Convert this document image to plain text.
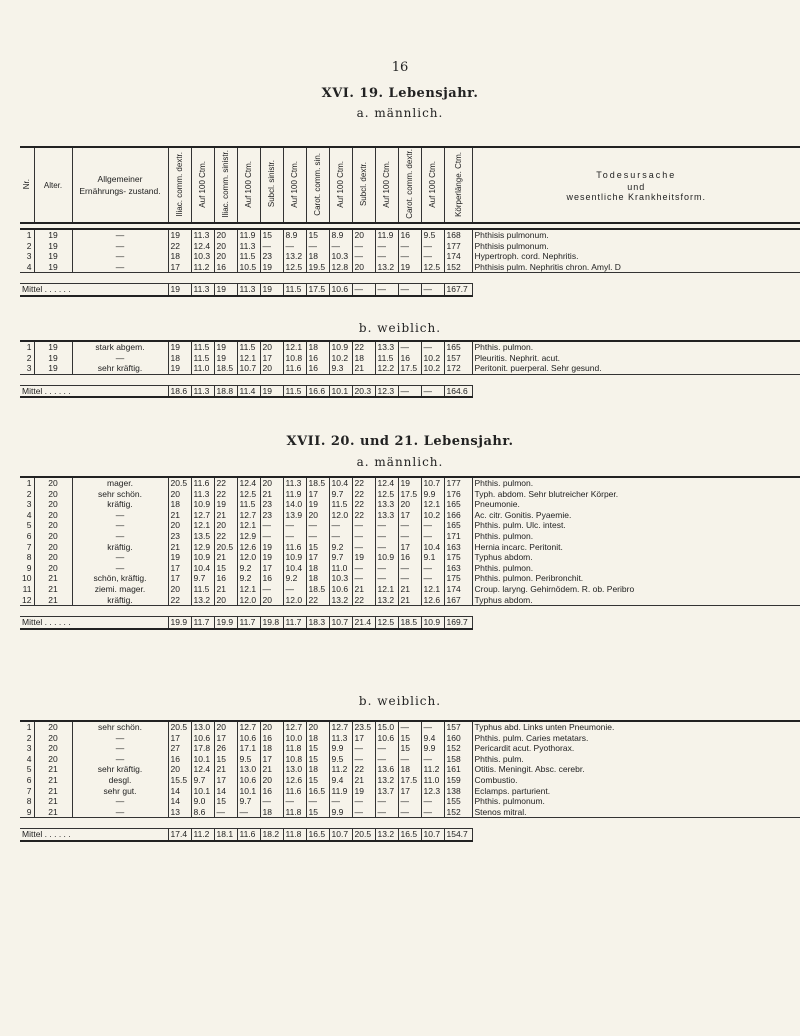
16
XVI. 19. Lebensjahr.
a. männlich.
Nr.	Alter.	Allgemeiner Ernährungs- zustand.	Iliac. comm. dextr.	Auf 100 Ctm.	Iliac. comm. sinistr.	Auf 100 Ctm.	Subcl. sinistr.	Auf 100 Ctm.	Carot. comm. sin.	Auf 100 Ctm.	Subcl. dextr.	Auf 100 Ctm.	Carot. comm. dextr.	Auf 100 Ctm.	Körperlänge. Ctm.	Todesursache
und
wesentliche Krankheitsform.
1	19	—	19	11.3	20	11.9	15	8.9	15	8.9	20	11.9	16	9.5	168	Phthisis pulmonum.
2	19	—	22	12.4	20	11.3	—	—	—	—	—	—	—	—	177	Phthisis pulmonum.
3	19	—	18	10.3	20	11.5	23	13.2	18	10.3	—	—	—	—	174	Hypertroph. cord. Nephritis.
4	19	—	17	11.2	16	10.5	19	12.5	19.5	12.8	20	13.2	19	12.5	152	Phthisis pulm. Nephritis chron. Amyl. D

Mittel . . . . . .			19	11.3	19	11.3	19	11.5	17.5	10.6	—	—	—	—	167.7	
b. weiblich.
1	19	stark abgem.	19	11.5	19	11.5	20	12.1	18	10.9	22	13.3	—	—	165	Phthis. pulmon.
2	19	—	18	11.5	19	12.1	17	10.8	16	10.2	18	11.5	16	10.2	157	Pleuritis. Nephrit. acut.
3	19	sehr kräftig.	19	11.0	18.5	10.7	20	11.6	16	9.3	21	12.2	17.5	10.2	172	Peritonit. puerperal. Sehr gesund.

Mittel . . . . . .			18.6	11.3	18.8	11.4	19	11.5	16.6	10.1	20.3	12.3	—	—	164.6	
XVII. 20. und 21. Lebensjahr.
a. männlich.
1	20	mager.	20.5	11.6	22	12.4	20	11.3	18.5	10.4	22	12.4	19	10.7	177	Phthis. pulmon.
2	20	sehr schön.	20	11.3	22	12.5	21	11.9	17	9.7	22	12.5	17.5	9.9	176	Typh. abdom. Sehr blutreicher Körper.
3	20	kräftig.	18	10.9	19	11.5	23	14.0	19	11.5	22	13.3	20	12.1	165	Pneumonie.
4	20	—	21	12.7	21	12.7	23	13.9	20	12.0	22	13.3	17	10.2	166	Ac. citr. Gonitis. Pyaemie.
5	20	—	20	12.1	20	12.1	—	—	—	—	—	—	—	—	165	Phthis. pulm. Ulc. intest.
6	20	—	23	13.5	22	12.9	—	—	—	—	—	—	—	—	171	Phthis. pulmon.
7	20	kräftig.	21	12.9	20.5	12.6	19	11.6	15	9.2	—	—	17	10.4	163	Hernia incarc. Peritonit.
8	20	—	19	10.9	21	12.0	19	10.9	17	9.7	19	10.9	16	9.1	175	Typhus abdom.
9	20	—	17	10.4	15	9.2	17	10.4	18	11.0	—	—	—	—	163	Phthis. pulmon.
10	21	schön, kräftig.	17	9.7	16	9.2	16	9.2	18	10.3	—	—	—	—	175	Phthis. pulmon. Peribronchit.
11	21	ziemi. mager.	20	11.5	21	12.1	—	—	18.5	10.6	21	12.1	21	12.1	174	Croup. laryng. Gehirnödem. R. ob. Peribro
12	21	kräftig.	22	13.2	20	12.0	20	12.0	22	13.2	22	13.2	21	12.6	167	Typhus abdom.

Mittel . . . . . .			19.9	11.7	19.9	11.7	19.8	11.7	18.3	10.7	21.4	12.5	18.5	10.9	169.7	
b. weiblich.
1	20	sehr schön.	20.5	13.0	20	12.7	20	12.7	20	12.7	23.5	15.0	—	—	157	Typhus abd. Links unten Pneumonie.
2	20	—	17	10.6	17	10.6	16	10.0	18	11.3	17	10.6	15	9.4	160	Phthis. pulm. Caries metatars.
3	20	—	27	17.8	26	17.1	18	11.8	15	9.9	—	—	15	9.9	152	Pericardit acut. Pyothorax.
4	20	—	16	10.1	15	9.5	17	10.8	15	9.5	—	—	—	—	158	Phthis. pulm.
5	21	sehr kräftig.	20	12.4	21	13.0	21	13.0	18	11.2	22	13.6	18	11.2	161	Otitis. Meningit. Absc. cerebr.
6	21	desgl.	15.5	9.7	17	10.6	20	12.6	15	9.4	21	13.2	17.5	11.0	159	Combustio.
7	21	sehr gut.	14	10.1	14	10.1	16	11.6	16.5	11.9	19	13.7	17	12.3	138	Eclamps. parturient.
8	21	—	14	9.0	15	9.7	—	—	—	—	—	—	—	—	155	Phthis. pulmonum.
9	21	—	13	8.6	—	—	18	11.8	15	9.9	—	—	—	—	152	Stenos mitral.

Mittel . . . . . .			17.4	11.2	18.1	11.6	18.2	11.8	16.5	10.7	20.5	13.2	16.5	10.7	154.7	
